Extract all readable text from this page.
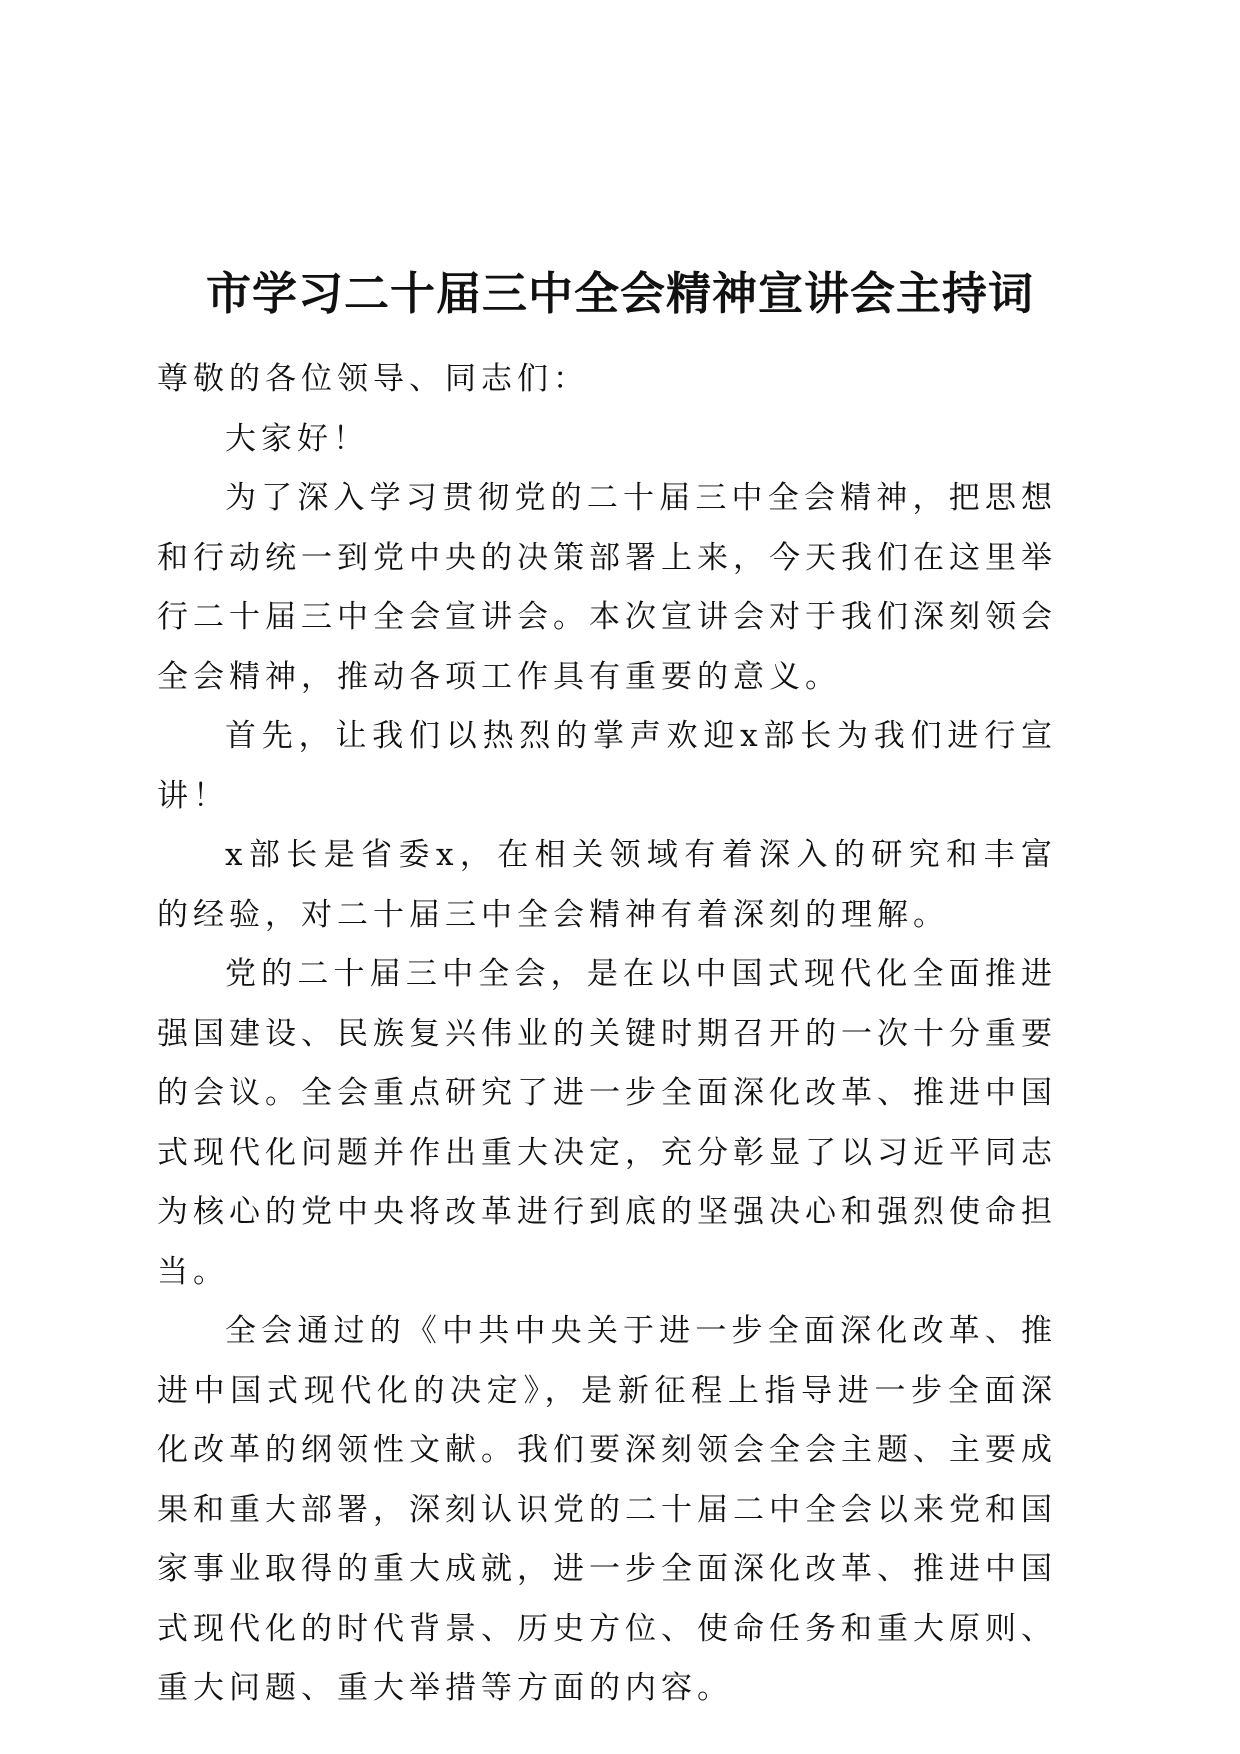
市学习二十届三中全会精神宣讲会主持词

尊敬的各位领导、同志们：

大家好！

为了深入学习贯彻党的二十届三中全会精神，把思想和行动统一到党中央的决策部署上来，今天我们在这里举行二十届三中全会宣讲会。本次宣讲会对于我们深刻领会全会精神，推动各项工作具有重要的意义。

首先，让我们以热烈的掌声欢迎x部长为我们进行宣讲！

x部长是省委x，在相关领域有着深入的研究和丰富的经验，对二十届三中全会精神有着深刻的理解。

党的二十届三中全会，是在以中国式现代化全面推进强国建设、民族复兴伟业的关键时期召开的一次十分重要的会议。全会重点研究了进一步全面深化改革、推进中国式现代化问题并作出重大决定，充分彰显了以习近平同志为核心的党中央将改革进行到底的坚强决心和强烈使命担当。

全会通过的《中共中央关于进一步全面深化改革、推进中国式现代化的决定》，是新征程上指导进一步全面深化改革的纲领性文献。我们要深刻领会全会主题、主要成果和重大部署，深刻认识党的二十届二中全会以来党和国家事业取得的重大成就，进一步全面深化改革、推进中国式现代化的时代背景、历史方位、使命任务和重大原则、重大问题、重大举措等方面的内容。
